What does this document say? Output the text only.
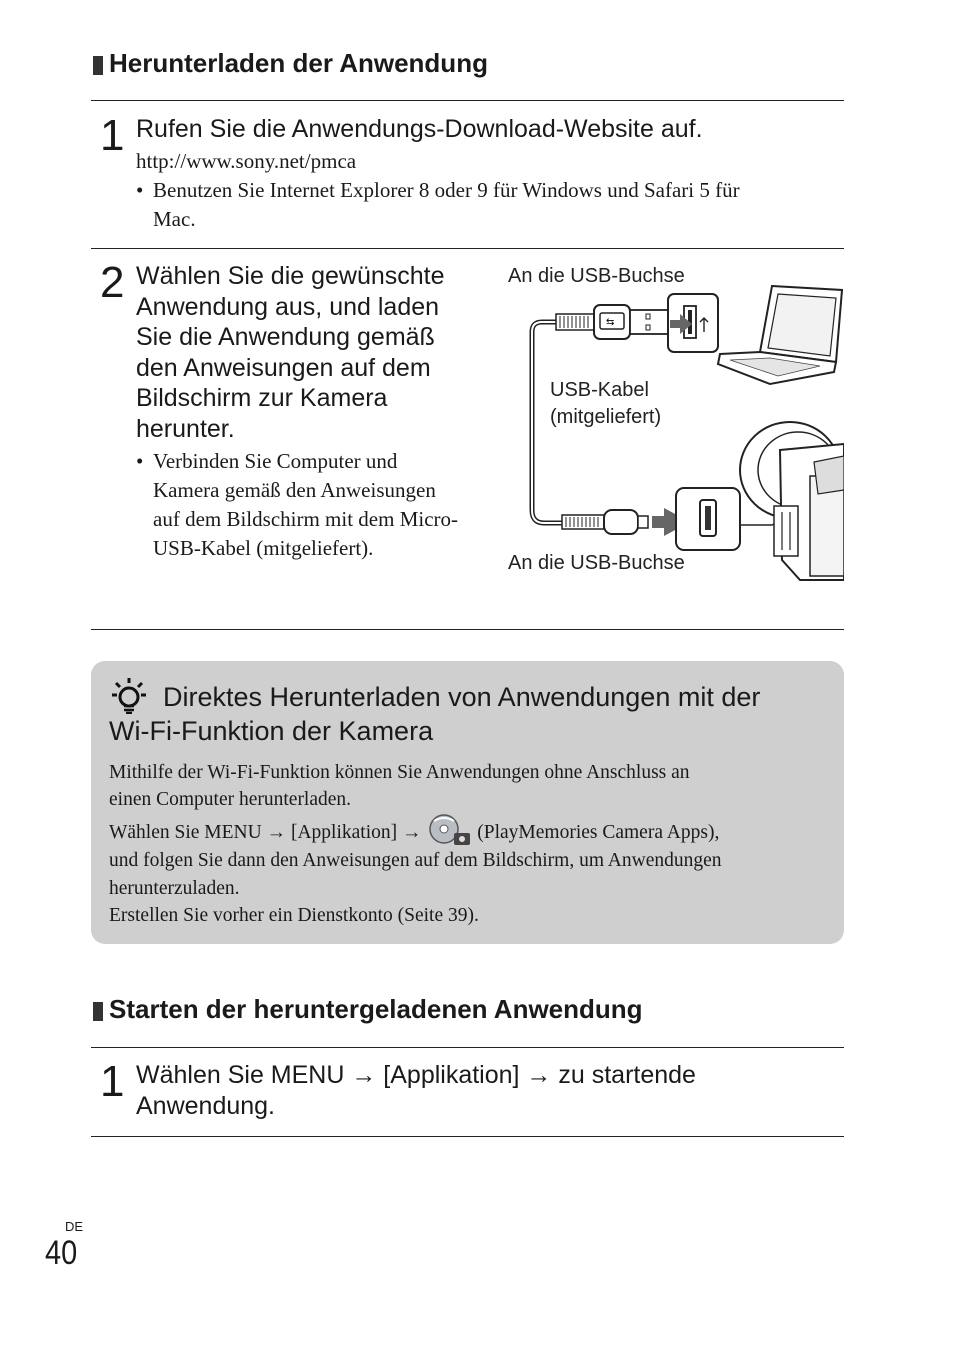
Herunterladen der Anwendung
1 Rufen Sie die Anwendungs-Download-Website auf.
http://www.sony.net/pmca
• Benutzen Sie Internet Explorer 8 oder 9 für Windows und Safari 5 für
Mac.
2 Wählen Sie die gewünschte
Anwendung aus, und laden
Sie die Anwendung gemäß
den Anweisungen auf dem
Bildschirm zur Kamera
herunter.
• Verbinden Sie Computer und
Kamera gemäß den Anweisungen
auf dem Bildschirm mit dem Micro-
USB-Kabel (mitgeliefert).
An die USB-Buchse
USB-Kabel
(mitgeliefert)
An die USB-Buchse
⇆
Direktes Herunterladen von Anwendungen mit der
Wi-Fi-Funktion der Kamera
Mithilfe der Wi-Fi-Funktion können Sie Anwendungen ohne Anschluss an
einen Computer herunterladen.
Wählen Sie MENU → [Applikation] →	(PlayMemories Camera Apps),
und folgen Sie dann den Anweisungen auf dem Bildschirm, um Anwendungen
herunterzuladen.
Erstellen Sie vorher ein Dienstkonto (Seite 39).
Starten der heruntergeladenen Anwendung
1 Wählen Sie MENU → [Applikation] → zu startende
Anwendung.
DE
40
